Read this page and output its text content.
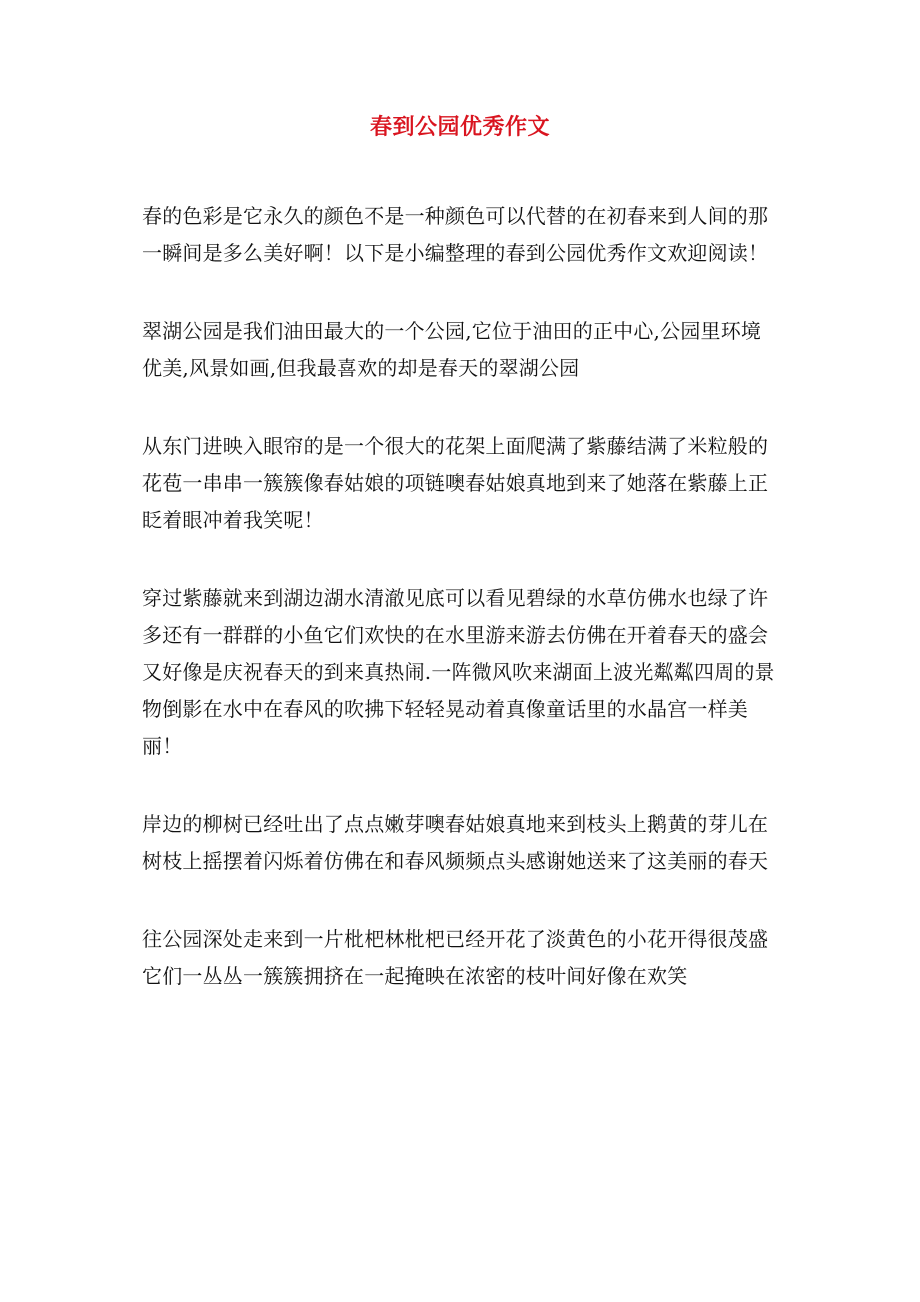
春到公园优秀作文

春的色彩是它永久的颜色不是一种颜色可以代替的在初春来到人间的那一瞬间是多么美好啊！以下是小编整理的春到公园优秀作文欢迎阅读！

翠湖公园是我们油田最大的一个公园,它位于油田的正中心,公园里环境优美,风景如画,但我最喜欢的却是春天的翠湖公园

从东门进映入眼帘的是一个很大的花架上面爬满了紫藤结满了米粒般的花苞一串串一簇簇像春姑娘的项链噢春姑娘真地到来了她落在紫藤上正眨着眼冲着我笑呢！

穿过紫藤就来到湖边湖水清澈见底可以看见碧绿的水草仿佛水也绿了许多还有一群群的小鱼它们欢快的在水里游来游去仿佛在开着春天的盛会又好像是庆祝春天的到来真热闹.一阵微风吹来湖面上波光粼粼四周的景物倒影在水中在春风的吹拂下轻轻晃动着真像童话里的水晶宫一样美丽！

岸边的柳树已经吐出了点点嫩芽噢春姑娘真地来到枝头上鹅黄的芽儿在树枝上摇摆着闪烁着仿佛在和春风频频点头感谢她送来了这美丽的春天

往公园深处走来到一片枇杷林枇杷已经开花了淡黄色的小花开得很茂盛它们一丛丛一簇簇拥挤在一起掩映在浓密的枝叶间好像在欢笑
